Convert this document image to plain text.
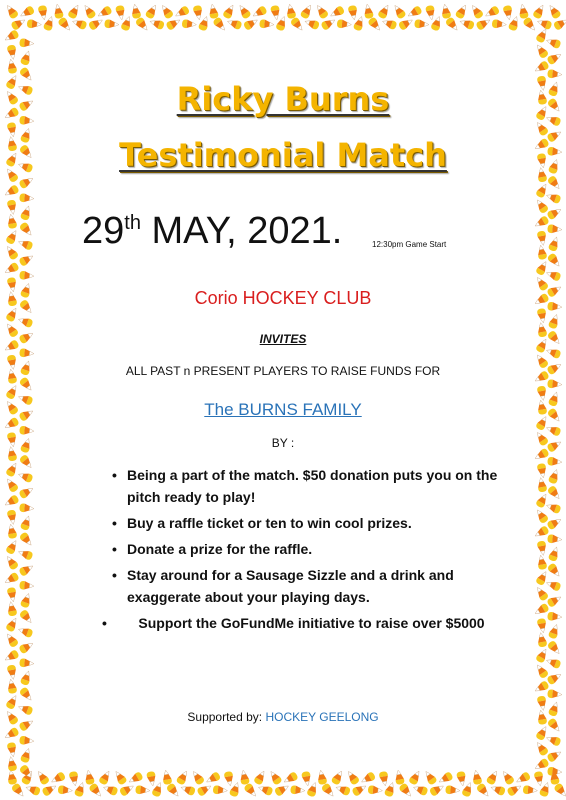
Ricky Burns
Testimonial Match
29th MAY, 2021.	12:30pm Game Start
Corio HOCKEY CLUB
INVITES
ALL PAST n PRESENT PLAYERS TO RAISE FUNDS FOR
The BURNS FAMILY
BY :
• Being a part of the match. $50 donation puts you on the pitch ready to play!
• Buy a raffle ticket or ten to win cool prizes.
• Donate a prize for the raffle.
• Stay around for a Sausage Sizzle and a drink and exaggerate about your playing days.
•	Support the GoFundMe initiative to raise over $5000
Supported by: HOCKEY GEELONG
